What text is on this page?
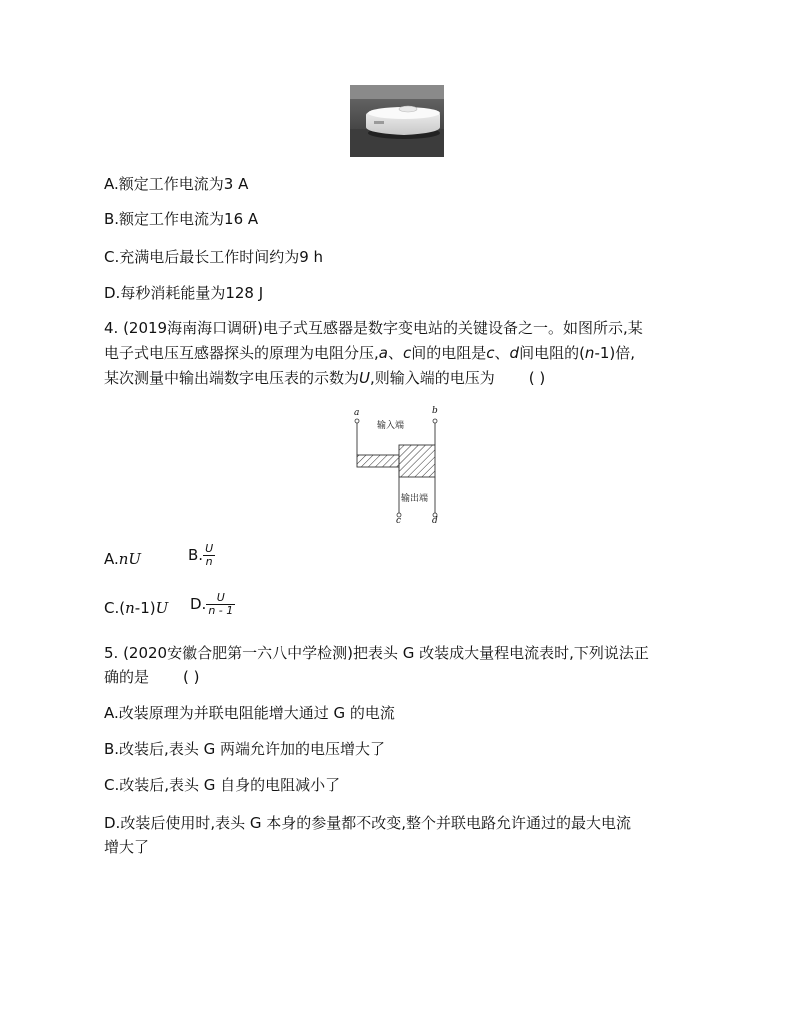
A.额定工作电流为3 A
B.额定工作电流为16 A
C.充满电后最长工作时间约为9 h
D.每秒消耗能量为128 J
4. (2019海南海口调研)电子式互感器是数字变电站的关键设备之一。如图所示,某
电子式电压互感器探头的原理为电阻分压,a、c间的电阻是c、d间电阻的(n-1)倍,
某次测量中输出端数字电压表的示数为U,则输入端的电压为 ( )
a	b
输入端
输出端
c	d
A.nU	B. $\frac{U}{n}$
C.(n-1)U D. $\frac{U}{n - 1}$
5. (2020安徽合肥第一六八中学检测)把表头 G 改装成大量程电流表时,下列说法正
确的是 ( )
A.改装原理为并联电阻能增大通过 G 的电流
B.改装后,表头 G 两端允许加的电压增大了
C.改装后,表头 G 自身的电阻减小了
D.改装后使用时,表头 G 本身的参量都不改变,整个并联电路允许通过的最大电流
增大了
